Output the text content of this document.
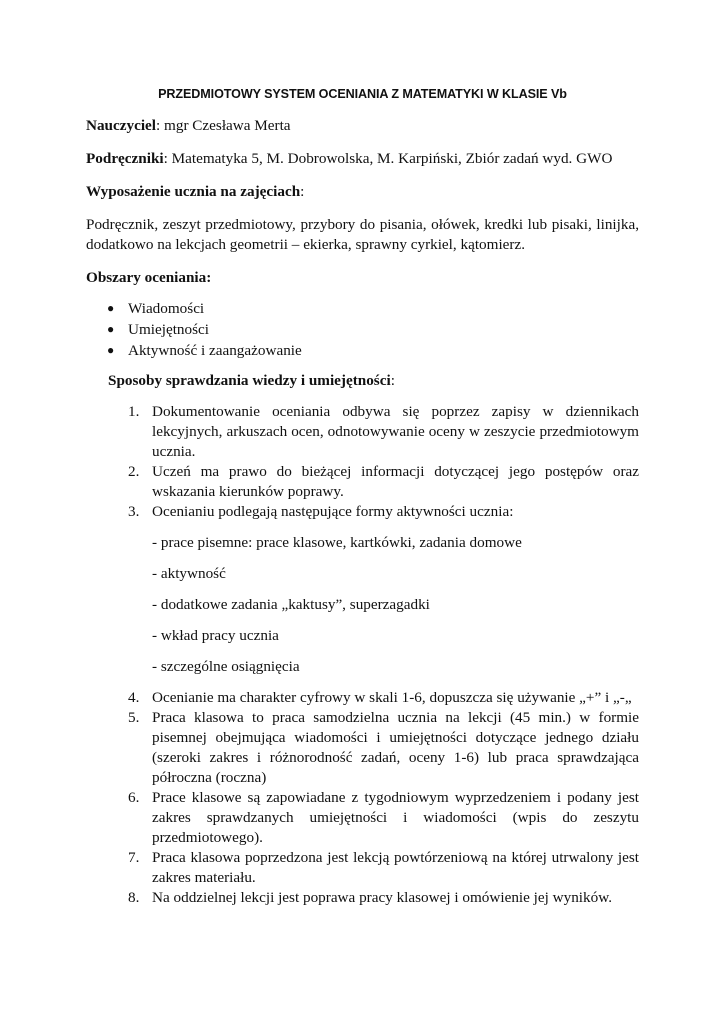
PRZEDMIOTOWY SYSTEM OCENIANIA Z MATEMATYKI W KLASIE Vb

Nauczyciel: mgr Czesława Merta

Podręczniki: Matematyka 5, M. Dobrowolska, M. Karpiński, Zbiór zadań wyd. GWO

Wyposażenie ucznia na zajęciach:

Podręcznik, zeszyt przedmiotowy, przybory do pisania, ołówek, kredki lub pisaki, linijka, dodatkowo na lekcjach geometrii – ekierka, sprawny cyrkiel, kątomierz.

Obszary oceniania:

● Wiadomości
● Umiejętności
● Aktywność i zaangażowanie

Sposoby sprawdzania wiedzy i umiejętności:

1. Dokumentowanie oceniania odbywa się poprzez zapisy w dziennikach lekcyjnych, arkuszach ocen, odnotowywanie oceny w zeszycie przedmiotowym ucznia.
2. Uczeń ma prawo do bieżącej informacji dotyczącej jego postępów oraz wskazania kierunków poprawy.
3. Ocenianiu podlegają następujące formy aktywności ucznia:
- prace pisemne: prace klasowe, kartkówki, zadania domowe
- aktywność
- dodatkowe zadania „kaktusy”, superzagadki
- wkład pracy ucznia
- szczególne osiągnięcia
4. Ocenianie ma charakter cyfrowy w skali 1-6, dopuszcza się używanie „+” i „-„
5. Praca klasowa to praca samodzielna ucznia na lekcji (45 min.) w formie pisemnej obejmująca wiadomości i umiejętności dotyczące jednego działu (szeroki zakres i różnorodność zadań, oceny 1-6) lub praca sprawdzająca półroczna (roczna)
6. Prace klasowe są zapowiadane z tygodniowym wyprzedzeniem i podany jest zakres sprawdzanych umiejętności i wiadomości (wpis do zeszytu przedmiotowego).
7. Praca klasowa poprzedzona jest lekcją powtórzeniową na której utrwalony jest zakres materiału.
8. Na oddzielnej lekcji jest poprawa pracy klasowej i omówienie jej wyników.
